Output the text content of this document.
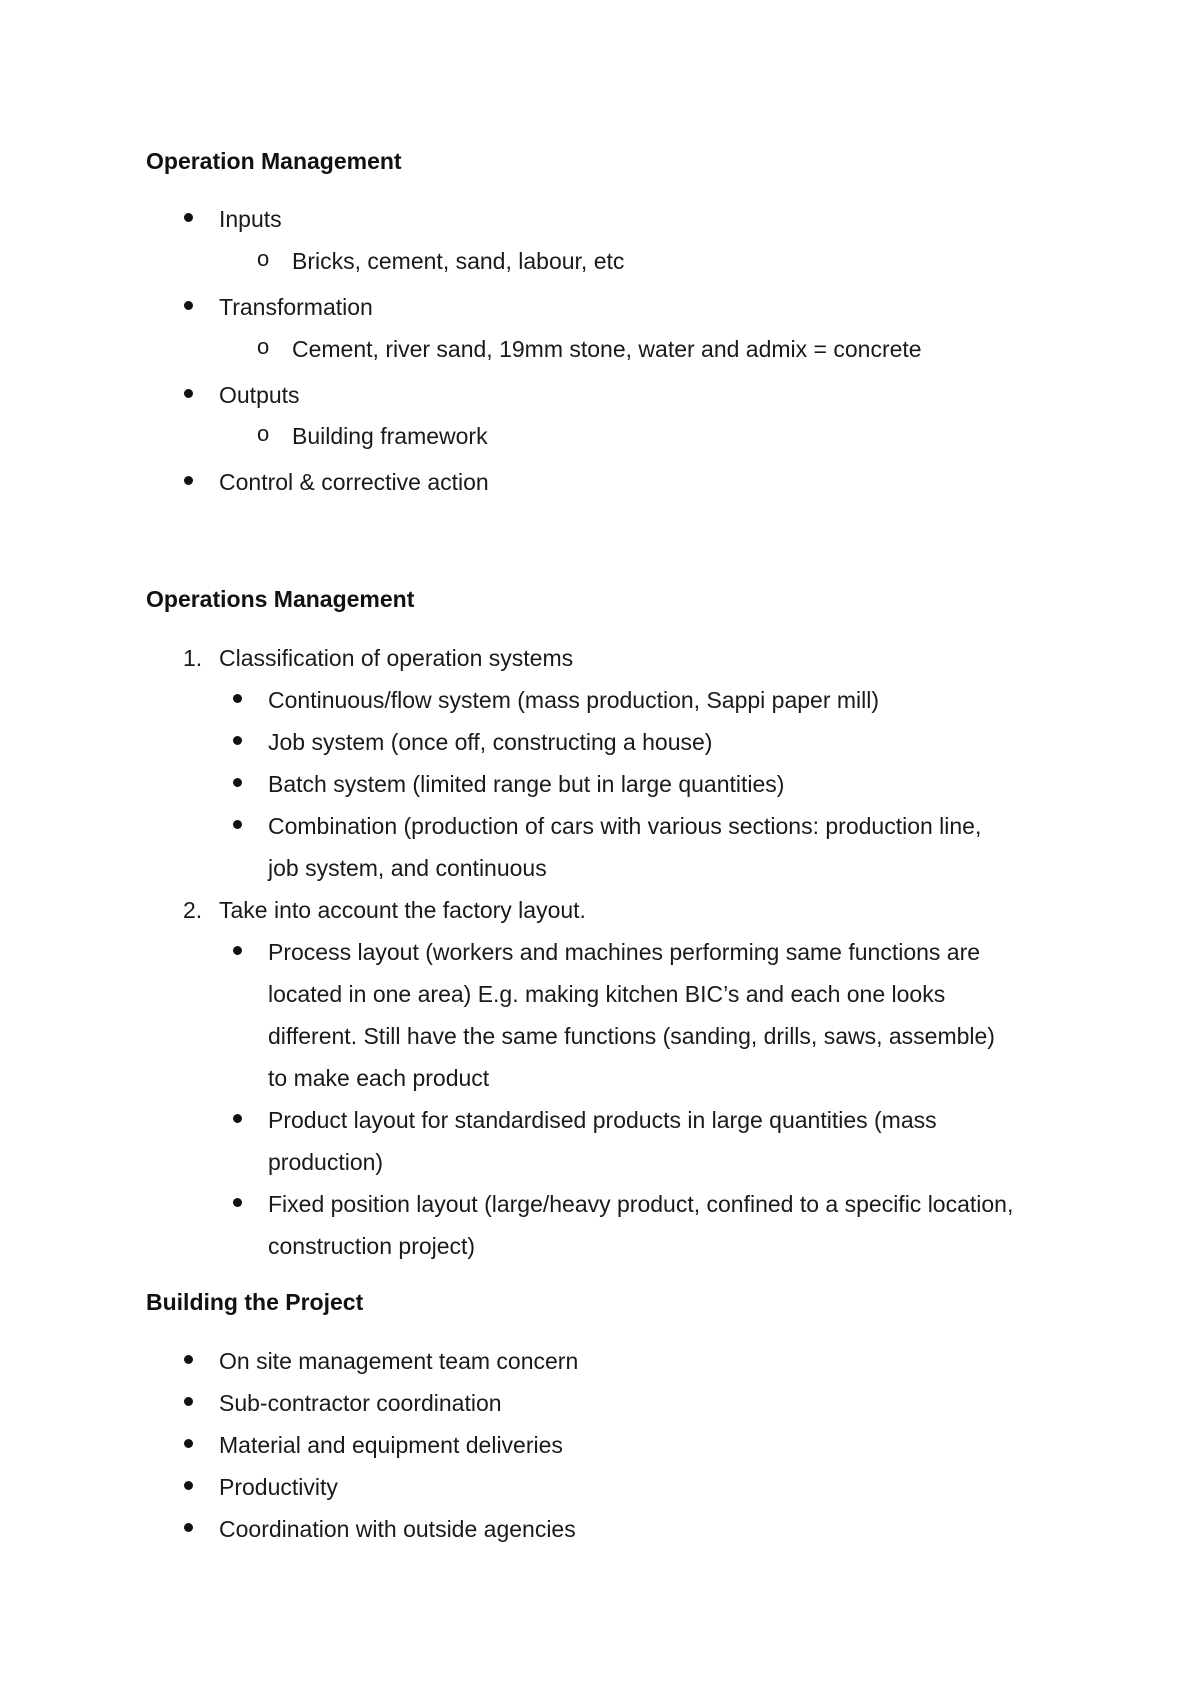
Operation Management
Inputs
o Bricks, cement, sand, labour, etc
Transformation
o Cement, river sand, 19mm stone, water and admix = concrete
Outputs
o Building framework
Control & corrective action
Operations Management
1. Classification of operation systems
Continuous/flow system (mass production, Sappi paper mill)
Job system (once off, constructing a house)
Batch system (limited range but in large quantities)
Combination (production of cars with various sections: production line,
job system, and continuous
2. Take into account the factory layout.
Process layout (workers and machines performing same functions are
located in one area) E.g. making kitchen BIC’s and each one looks
different. Still have the same functions (sanding, drills, saws, assemble)
to make each product
Product layout for standardised products in large quantities (mass
production)
Fixed position layout (large/heavy product, confined to a specific location,
construction project)
Building the Project
On site management team concern
Sub-contractor coordination
Material and equipment deliveries
Productivity
Coordination with outside agencies
